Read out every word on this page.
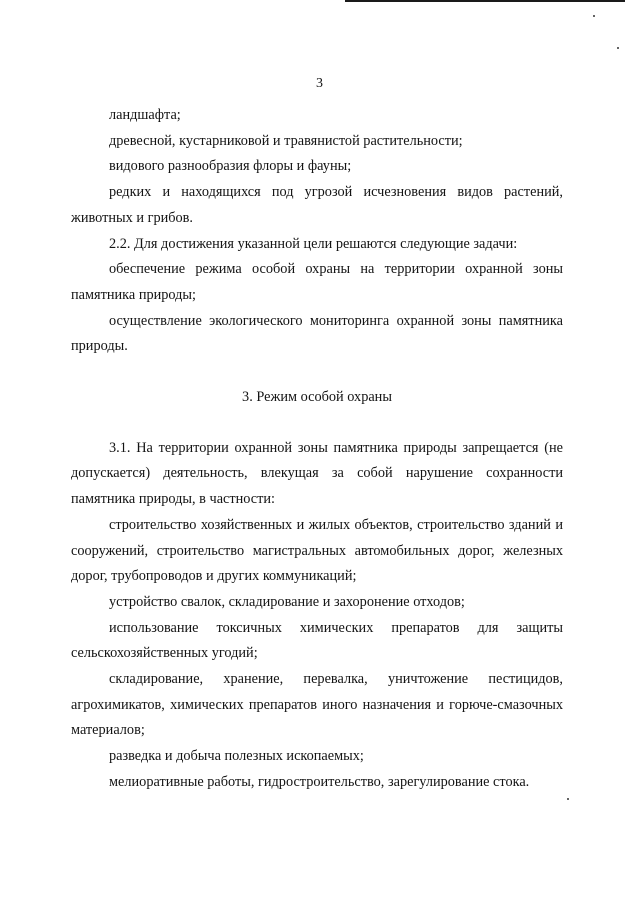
3

ландшафта;

древесной, кустарниковой и травянистой растительности;

видового разнообразия флоры и фауны;

редких и находящихся под угрозой исчезновения видов растений, животных и грибов.

2.2. Для достижения указанной цели решаются следующие задачи:

обеспечение режима особой охраны на территории охранной зоны памятника природы;

осуществление экологического мониторинга охранной зоны памятника природы.

3. Режим особой охраны

3.1. На территории охранной зоны памятника природы запрещается (не допускается) деятельность, влекущая за собой нарушение сохранности памятника природы, в частности:

строительство хозяйственных и жилых объектов, строительство зданий и сооружений, строительство магистральных автомобильных дорог, железных дорог, трубопроводов и других коммуникаций;

устройство свалок, складирование и захоронение отходов;

использование токсичных химических препаратов для защиты сельскохозяйственных угодий;

складирование, хранение, перевалка, уничтожение пестицидов, агрохимикатов, химических препаратов иного назначения и горюче-смазочных материалов;

разведка и добыча полезных ископаемых;

мелиоративные работы, гидростроительство, зарегулирование стока.
